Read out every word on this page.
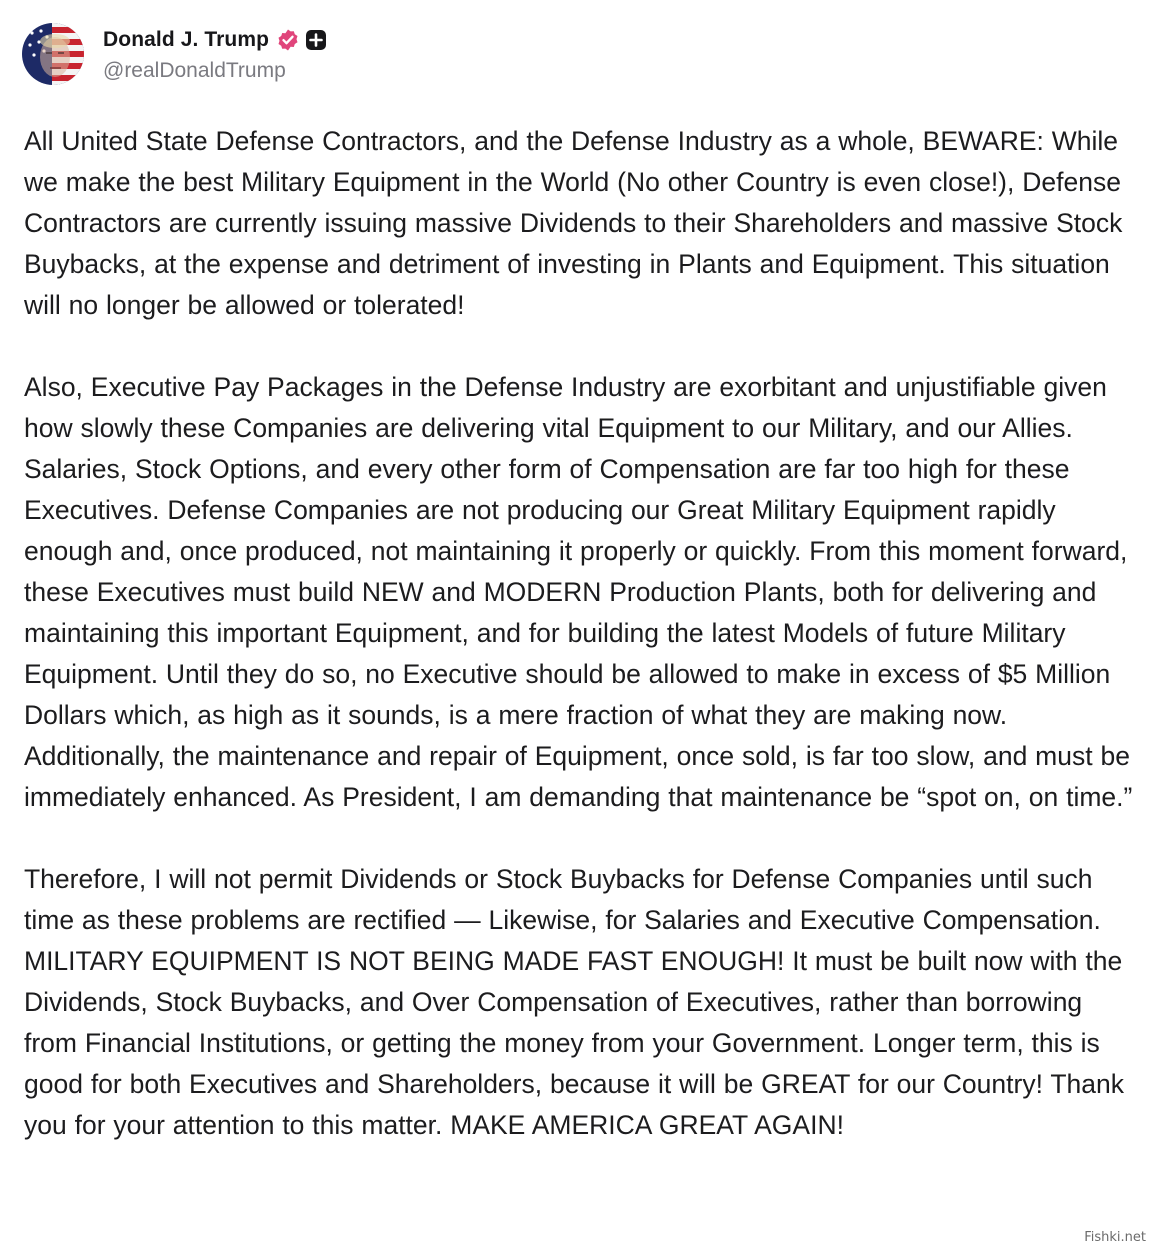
Donald J. Trump
@realDonaldTrump

All United State Defense Contractors, and the Defense Industry as a whole, BEWARE: While we make the best Military Equipment in the World (No other Country is even close!), Defense Contractors are currently issuing massive Dividends to their Shareholders and massive Stock Buybacks, at the expense and detriment of investing in Plants and Equipment. This situation will no longer be allowed or tolerated!

Also, Executive Pay Packages in the Defense Industry are exorbitant and unjustifiable given how slowly these Companies are delivering vital Equipment to our Military, and our Allies. Salaries, Stock Options, and every other form of Compensation are far too high for these Executives. Defense Companies are not producing our Great Military Equipment rapidly enough and, once produced, not maintaining it properly or quickly. From this moment forward, these Executives must build NEW and MODERN Production Plants, both for delivering and maintaining this important Equipment, and for building the latest Models of future Military Equipment. Until they do so, no Executive should be allowed to make in excess of $5 Million Dollars which, as high as it sounds, is a mere fraction of what they are making now. Additionally, the maintenance and repair of Equipment, once sold, is far too slow, and must be immediately enhanced. As President, I am demanding that maintenance be “spot on, on time.”

Therefore, I will not permit Dividends or Stock Buybacks for Defense Companies until such time as these problems are rectified — Likewise, for Salaries and Executive Compensation. MILITARY EQUIPMENT IS NOT BEING MADE FAST ENOUGH! It must be built now with the Dividends, Stock Buybacks, and Over Compensation of Executives, rather than borrowing from Financial Institutions, or getting the money from your Government. Longer term, this is good for both Executives and Shareholders, because it will be GREAT for our Country! Thank you for your attention to this matter. MAKE AMERICA GREAT AGAIN!

Fishki.net
